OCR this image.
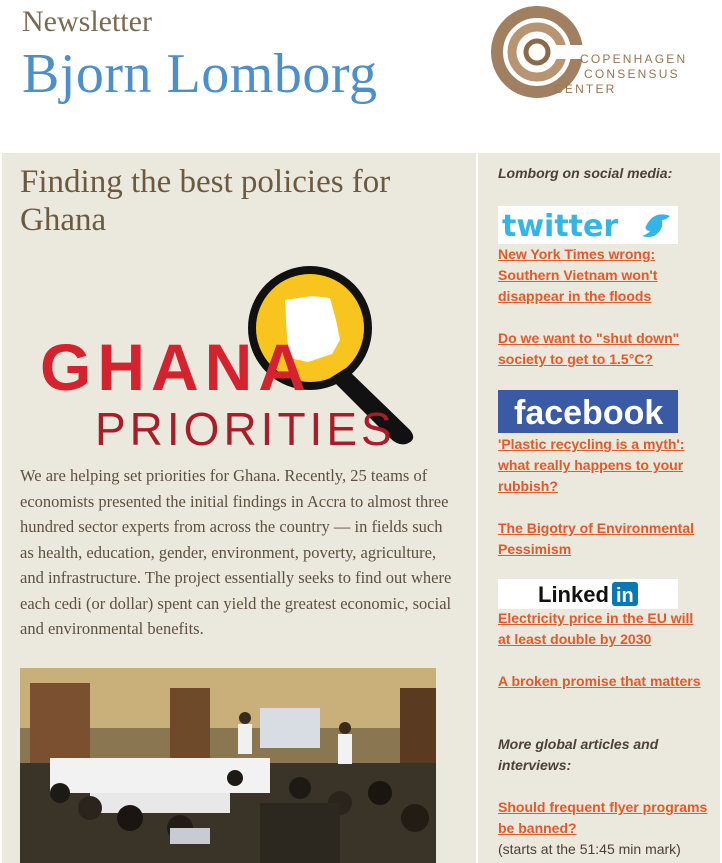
Newsletter
Bjorn Lomborg	COPENHAGEN
CONSENSUS
CENTER
Finding the best policies for Ghana
GHANA
PRIORITIES
We are helping set priorities for Ghana. Recently, 25 teams of economists presented the initial findings in Accra to almost three hundred sector experts from across the country — in fields such as health, education, gender, environment, poverty, agriculture, and infrastructure. The project essentially seeks to find out where each cedi (or dollar) spent can yield the greatest economic, social and environmental benefits.
Lomborg on social media:
twitter
New York Times wrong: Southern Vietnam won't disappear in the floods
Do we want to "shut down" society to get to 1.5°C?
facebook
'Plastic recycling is a myth': what really happens to your rubbish?
The Bigotry of Environmental Pessimism
Linked in
Electricity price in the EU will at least double by 2030
A broken promise that matters
More global articles and interviews:
Should frequent flyer programs be banned?
(starts at the 51:45 min mark)
